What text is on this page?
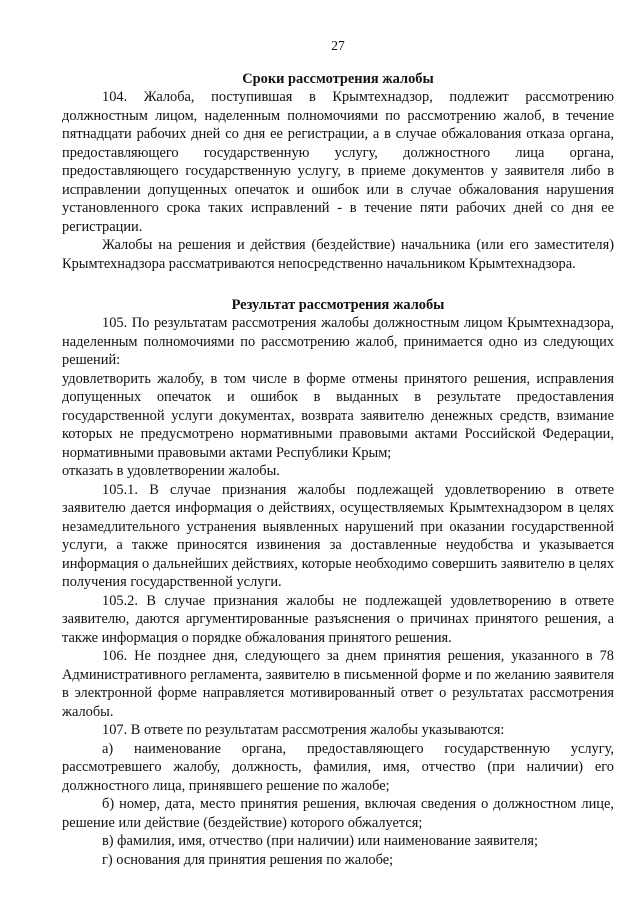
27
Сроки рассмотрения жалобы

104. Жалоба, поступившая в Крымтехнадзор, подлежит рассмотрению должностным лицом, наделенным полномочиями по рассмотрению жалоб, в течение пятнадцати рабочих дней со дня ее регистрации, а в случае обжалования отказа органа, предоставляющего государственную услугу, должностного лица органа, предоставляющего государственную услугу, в приеме документов у заявителя либо в исправлении допущенных опечаток и ошибок или в случае обжалования нарушения установленного срока таких исправлений - в течение пяти рабочих дней со дня ее регистрации.

Жалобы на решения и действия (бездействие) начальника (или его заместителя) Крымтехнадзора рассматриваются непосредственно начальником Крымтехнадзора.

Результат рассмотрения жалобы

105. По результатам рассмотрения жалобы должностным лицом Крымтехнадзора, наделенным полномочиями по рассмотрению жалоб, принимается одно из следующих решений:

удовлетворить жалобу, в том числе в форме отмены принятого решения, исправления допущенных опечаток и ошибок в выданных в результате предоставления государственной услуги документах, возврата заявителю денежных средств, взимание которых не предусмотрено нормативными правовыми актами Российской Федерации, нормативными правовыми актами Республики Крым;

отказать в удовлетворении жалобы.

105.1. В случае признания жалобы подлежащей удовлетворению в ответе заявителю дается информация о действиях, осуществляемых Крымтехнадзором в целях незамедлительного устранения выявленных нарушений при оказании государственной услуги, а также приносятся извинения за доставленные неудобства и указывается информация о дальнейших действиях, которые необходимо совершить заявителю в целях получения государственной услуги.

105.2. В случае признания жалобы не подлежащей удовлетворению в ответе заявителю, даются аргументированные разъяснения о причинах принятого решения, а также информация о порядке обжалования принятого решения.

106. Не позднее дня, следующего за днем принятия решения, указанного в 78 Административного регламента, заявителю в письменной форме и по желанию заявителя в электронной форме направляется мотивированный ответ о результатах рассмотрения жалобы.

107. В ответе по результатам рассмотрения жалобы указываются:

а) наименование органа, предоставляющего государственную услугу, рассмотревшего жалобу, должность, фамилия, имя, отчество (при наличии) его должностного лица, принявшего решение по жалобе;

б) номер, дата, место принятия решения, включая сведения о должностном лице, решение или действие (бездействие) которого обжалуется;

в) фамилия, имя, отчество (при наличии) или наименование заявителя;

г) основания для принятия решения по жалобе;
